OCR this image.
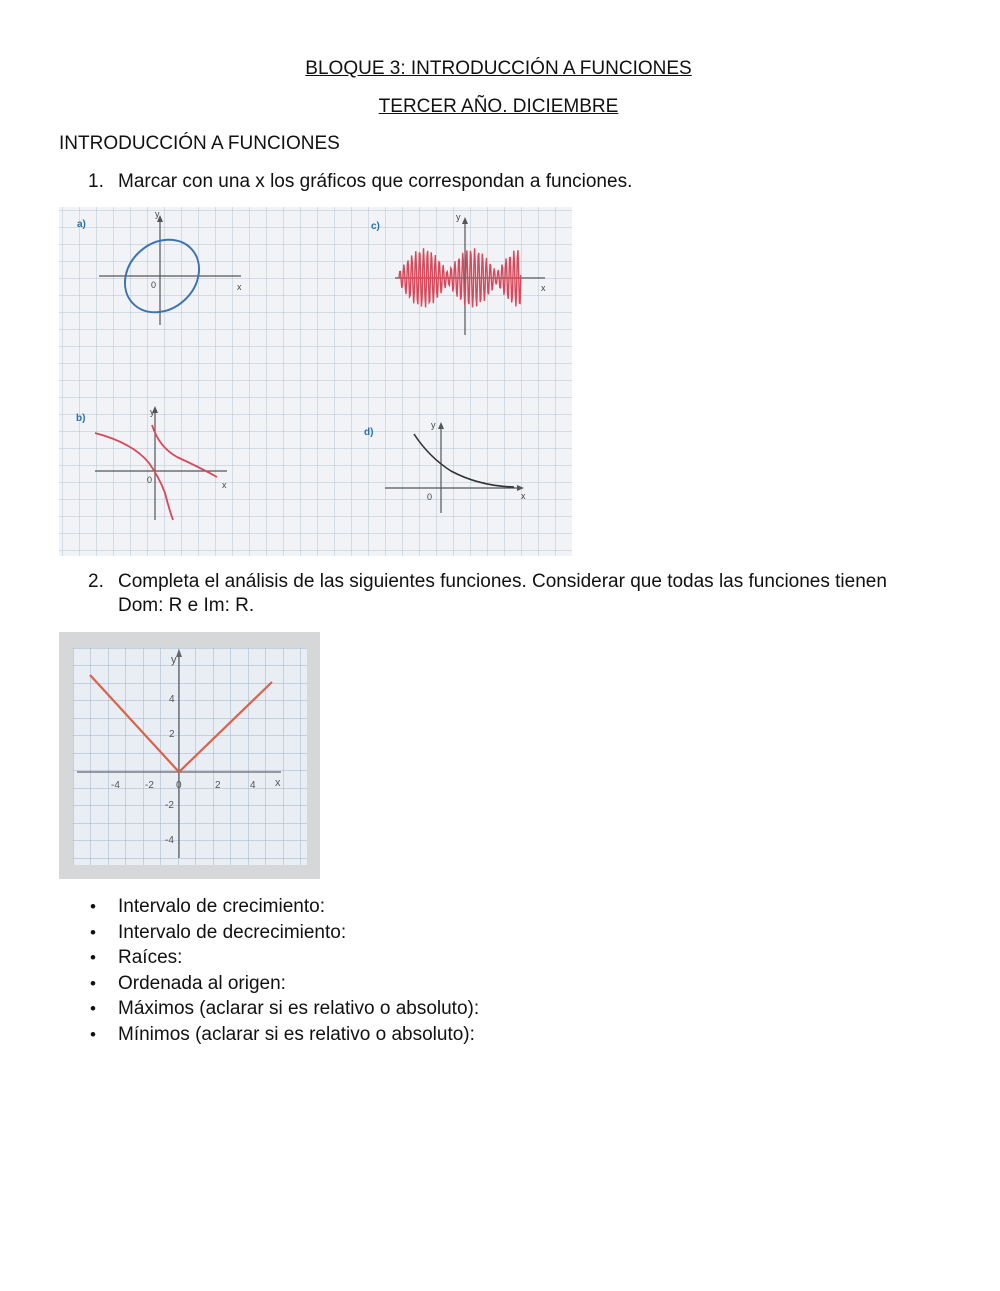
BLOQUE 3: INTRODUCCIÓN A FUNCIONES
TERCER AÑO. DICIEMBRE
INTRODUCCIÓN A FUNCIONES
1. Marcar con una x los gráficos que correspondan a funciones.
a)
y
x
0
c)
y
x
b)
y
x
0
d)
y
x
0
2. Completa el análisis de las siguientes funciones. Considerar que todas las funciones tienen
Dom: R e Im: R.
y
x
-4	-2 0	2	4
4
2
-2
-4
• Intervalo de crecimiento:
• Intervalo de decrecimiento:
• Raíces:
• Ordenada al origen:
• Máximos (aclarar si es relativo o absoluto):
• Mínimos (aclarar si es relativo o absoluto):
